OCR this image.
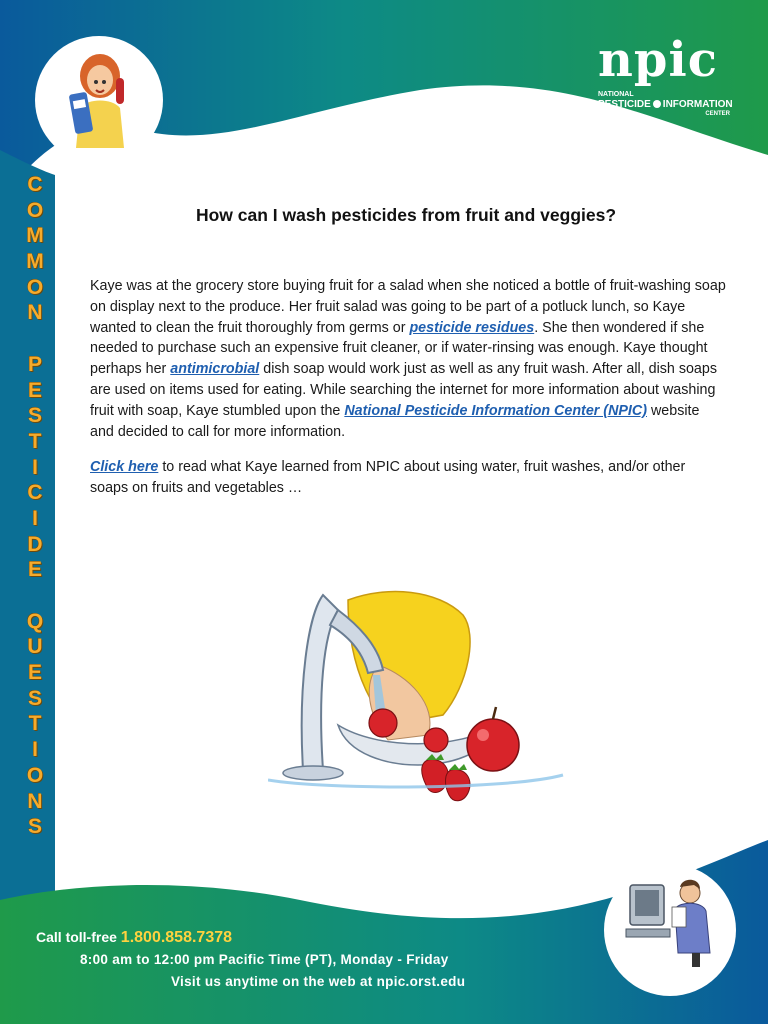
npic
NATIONAL
PESTICIDE INFORMATION
CENTER
C
O
M
M
O
N
P
E
S
T
I
C
I
D
E
Q
U
E
S
T
I
O
N
S
How can I wash pesticides from fruit and veggies?
Kaye was at the grocery store buying fruit for a salad when she noticed a bottle of fruit-washing soap on display next to the produce. Her fruit salad was going to be part of a potluck lunch, so Kaye wanted to clean the fruit thoroughly from germs or pesticide residues. She then wondered if she needed to purchase such an expensive fruit cleaner, or if water-rinsing was enough. Kaye thought perhaps her antimicrobial dish soap would work just as well as any fruit wash. After all, dish soaps are used on items used for eating. While searching the internet for more information about washing fruit with soap, Kaye stumbled upon the National Pesticide Information Center (NPIC) website and decided to call for more information.
Click here to read what Kaye learned from NPIC about using water, fruit washes, and/or other soaps on fruits and vegetables …
Call toll-free 1.800.858.7378
8:00 am to 12:00 pm Pacific Time (PT), Monday - Friday
Visit us anytime on the web at npic.orst.edu
